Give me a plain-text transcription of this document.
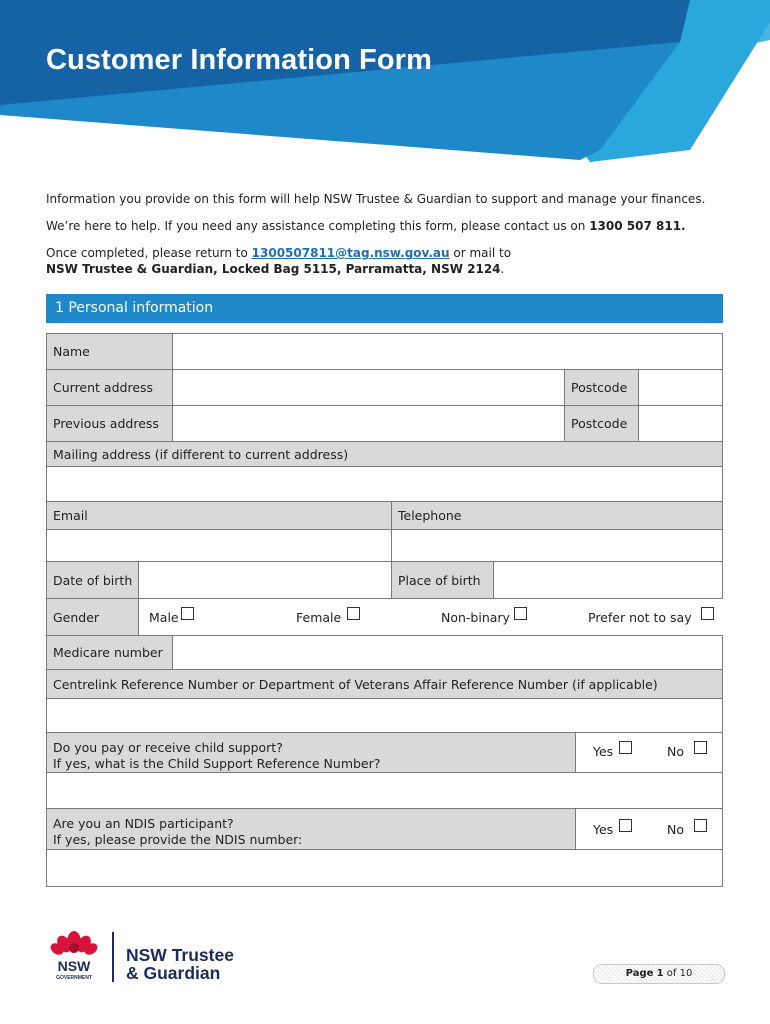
Customer Information Form

Information you provide on this form will help NSW Trustee & Guardian to support and manage your finances.

We’re here to help. If you need any assistance completing this form, please contact us on 1300 507 811.

Once completed, please return to 1300507811@tag.nsw.gov.au or mail to
NSW Trustee & Guardian, Locked Bag 5115, Parramatta, NSW 2124.

1 Personal information
Name
Current address	Postcode
Previous address	Postcode
Mailing address (if different to current address)
Email	Telephone
Date of birth	Place of birth
Gender	Male	Female	Non-binary	Prefer not to say
Medicare number
Centrelink Reference Number or Department of Veterans Affair Reference Number (if applicable)
Do you pay or receive child support?
If yes, what is the Child Support Reference Number?
Yes	No
Are you an NDIS participant?
If yes, please provide the NDIS number:
Yes	No
NSW
GOVERNMENT
NSW Trustee
& Guardian	Page 1 of 10
